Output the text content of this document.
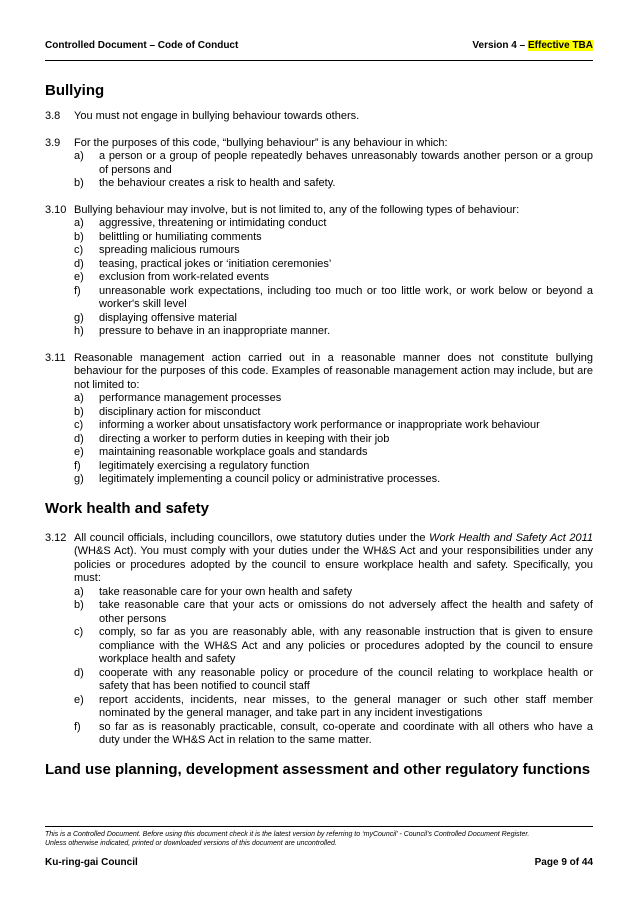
Controlled Document – Code of Conduct	Version 4 – Effective TBA
Bullying
3.8 You must not engage in bullying behaviour towards others.
3.9 For the purposes of this code, “bullying behaviour” is any behaviour in which:
a) a person or a group of people repeatedly behaves unreasonably towards another person or a group of persons and
b) the behaviour creates a risk to health and safety.
3.10 Bullying behaviour may involve, but is not limited to, any of the following types of behaviour:
a) aggressive, threatening or intimidating conduct
b) belittling or humiliating comments
c) spreading malicious rumours
d) teasing, practical jokes or ‘initiation ceremonies’
e) exclusion from work-related events
f) unreasonable work expectations, including too much or too little work, or work below or beyond a worker's skill level
g) displaying offensive material
h) pressure to behave in an inappropriate manner.
3.11 Reasonable management action carried out in a reasonable manner does not constitute bullying behaviour for the purposes of this code. Examples of reasonable management action may include, but are not limited to:
a) performance management processes
b) disciplinary action for misconduct
c) informing a worker about unsatisfactory work performance or inappropriate work behaviour
d) directing a worker to perform duties in keeping with their job
e) maintaining reasonable workplace goals and standards
f) legitimately exercising a regulatory function
g) legitimately implementing a council policy or administrative processes.
Work health and safety
3.12 All council officials, including councillors, owe statutory duties under the Work Health and Safety Act 2011 (WH&S Act). You must comply with your duties under the WH&S Act and your responsibilities under any policies or procedures adopted by the council to ensure workplace health and safety. Specifically, you must:
a) take reasonable care for your own health and safety
b) take reasonable care that your acts or omissions do not adversely affect the health and safety of other persons
c) comply, so far as you are reasonably able, with any reasonable instruction that is given to ensure compliance with the WH&S Act and any policies or procedures adopted by the council to ensure workplace health and safety
d) cooperate with any reasonable policy or procedure of the council relating to workplace health or safety that has been notified to council staff
e) report accidents, incidents, near misses, to the general manager or such other staff member nominated by the general manager, and take part in any incident investigations
f) so far as is reasonably practicable, consult, co-operate and coordinate with all others who have a duty under the WH&S Act in relation to the same matter.
Land use planning, development assessment and other regulatory functions
This is a Controlled Document. Before using this document check it is the latest version by referring to ‘myCouncil’ - Council’s Controlled Document Register.
Unless otherwise indicated, printed or downloaded versions of this document are uncontrolled.
Ku-ring-gai Council	Page 9 of 44
